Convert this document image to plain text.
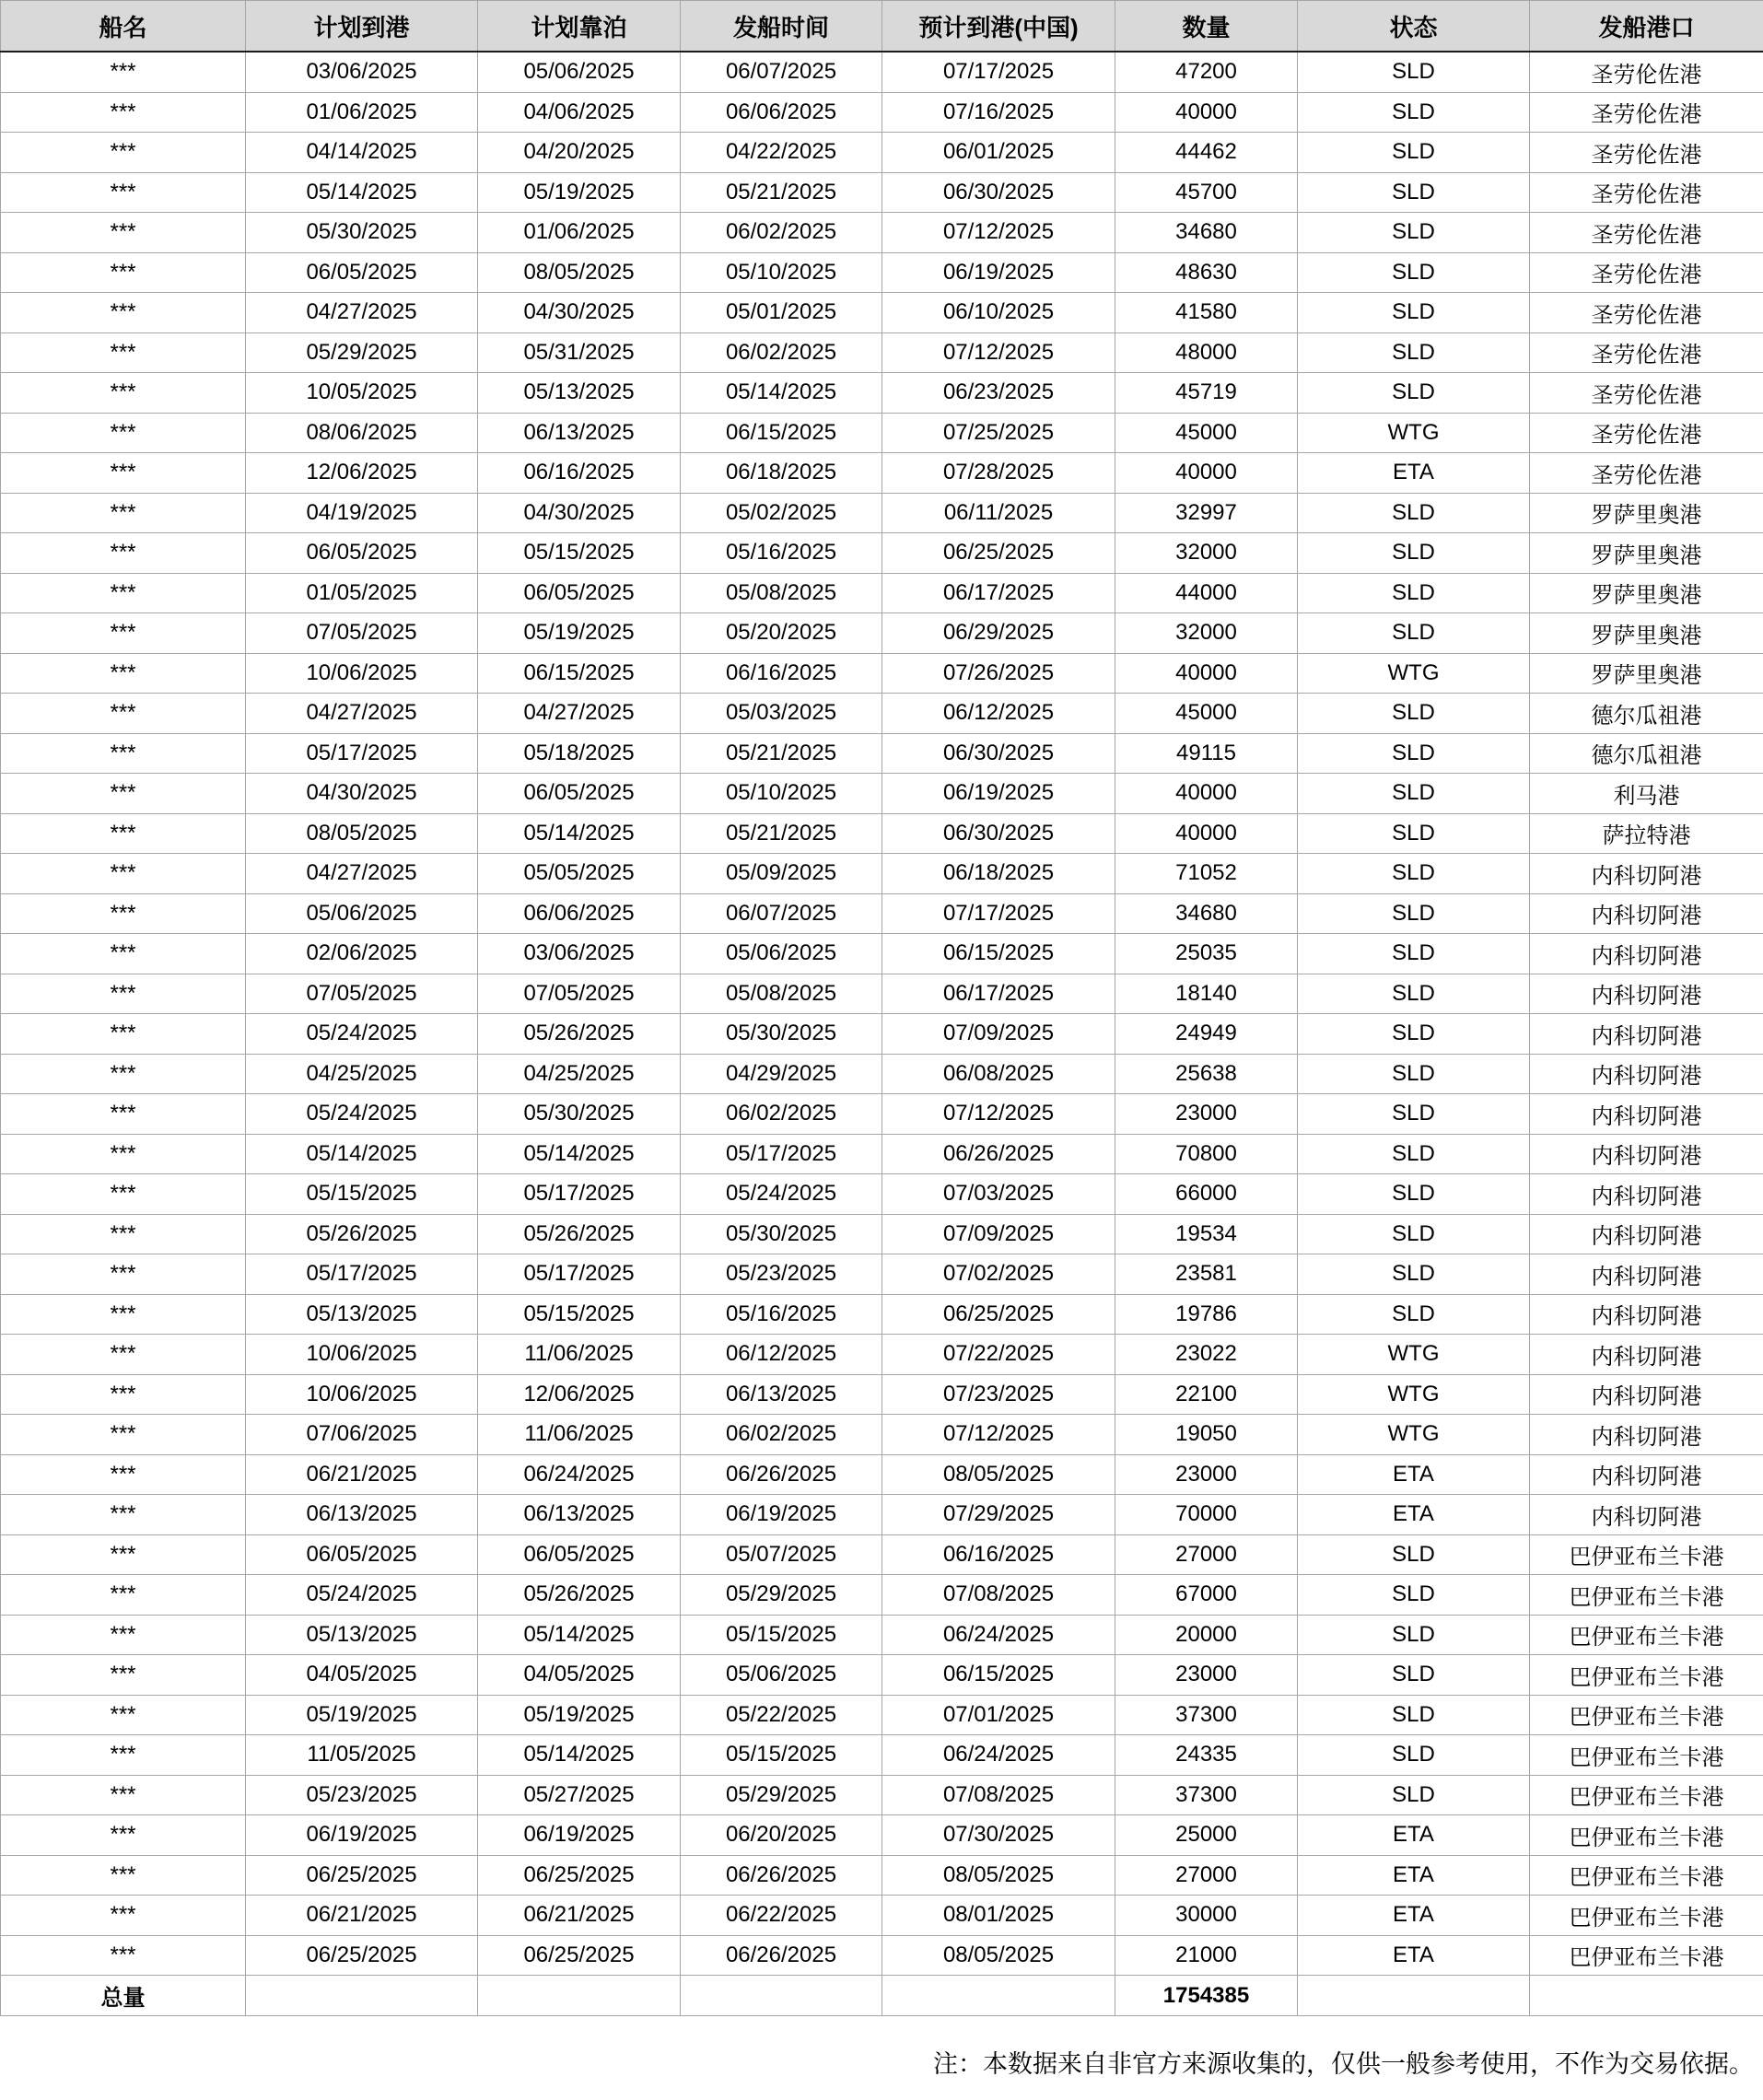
船名	计划到港	计划靠泊	发船时间	预计到港(中国)	数量	状态	发船港口
***	03/06/2025	05/06/2025	06/07/2025	07/17/2025	47200	SLD	圣劳伦佐港
***	01/06/2025	04/06/2025	06/06/2025	07/16/2025	40000	SLD	圣劳伦佐港
***	04/14/2025	04/20/2025	04/22/2025	06/01/2025	44462	SLD	圣劳伦佐港
***	05/14/2025	05/19/2025	05/21/2025	06/30/2025	45700	SLD	圣劳伦佐港
***	05/30/2025	01/06/2025	06/02/2025	07/12/2025	34680	SLD	圣劳伦佐港
***	06/05/2025	08/05/2025	05/10/2025	06/19/2025	48630	SLD	圣劳伦佐港
***	04/27/2025	04/30/2025	05/01/2025	06/10/2025	41580	SLD	圣劳伦佐港
***	05/29/2025	05/31/2025	06/02/2025	07/12/2025	48000	SLD	圣劳伦佐港
***	10/05/2025	05/13/2025	05/14/2025	06/23/2025	45719	SLD	圣劳伦佐港
***	08/06/2025	06/13/2025	06/15/2025	07/25/2025	45000	WTG	圣劳伦佐港
***	12/06/2025	06/16/2025	06/18/2025	07/28/2025	40000	ETA	圣劳伦佐港
***	04/19/2025	04/30/2025	05/02/2025	06/11/2025	32997	SLD	罗萨里奥港
***	06/05/2025	05/15/2025	05/16/2025	06/25/2025	32000	SLD	罗萨里奥港
***	01/05/2025	06/05/2025	05/08/2025	06/17/2025	44000	SLD	罗萨里奥港
***	07/05/2025	05/19/2025	05/20/2025	06/29/2025	32000	SLD	罗萨里奥港
***	10/06/2025	06/15/2025	06/16/2025	07/26/2025	40000	WTG	罗萨里奥港
***	04/27/2025	04/27/2025	05/03/2025	06/12/2025	45000	SLD	德尔瓜祖港
***	05/17/2025	05/18/2025	05/21/2025	06/30/2025	49115	SLD	德尔瓜祖港
***	04/30/2025	06/05/2025	05/10/2025	06/19/2025	40000	SLD	利马港
***	08/05/2025	05/14/2025	05/21/2025	06/30/2025	40000	SLD	萨拉特港
***	04/27/2025	05/05/2025	05/09/2025	06/18/2025	71052	SLD	内科切阿港
***	05/06/2025	06/06/2025	06/07/2025	07/17/2025	34680	SLD	内科切阿港
***	02/06/2025	03/06/2025	05/06/2025	06/15/2025	25035	SLD	内科切阿港
***	07/05/2025	07/05/2025	05/08/2025	06/17/2025	18140	SLD	内科切阿港
***	05/24/2025	05/26/2025	05/30/2025	07/09/2025	24949	SLD	内科切阿港
***	04/25/2025	04/25/2025	04/29/2025	06/08/2025	25638	SLD	内科切阿港
***	05/24/2025	05/30/2025	06/02/2025	07/12/2025	23000	SLD	内科切阿港
***	05/14/2025	05/14/2025	05/17/2025	06/26/2025	70800	SLD	内科切阿港
***	05/15/2025	05/17/2025	05/24/2025	07/03/2025	66000	SLD	内科切阿港
***	05/26/2025	05/26/2025	05/30/2025	07/09/2025	19534	SLD	内科切阿港
***	05/17/2025	05/17/2025	05/23/2025	07/02/2025	23581	SLD	内科切阿港
***	05/13/2025	05/15/2025	05/16/2025	06/25/2025	19786	SLD	内科切阿港
***	10/06/2025	11/06/2025	06/12/2025	07/22/2025	23022	WTG	内科切阿港
***	10/06/2025	12/06/2025	06/13/2025	07/23/2025	22100	WTG	内科切阿港
***	07/06/2025	11/06/2025	06/02/2025	07/12/2025	19050	WTG	内科切阿港
***	06/21/2025	06/24/2025	06/26/2025	08/05/2025	23000	ETA	内科切阿港
***	06/13/2025	06/13/2025	06/19/2025	07/29/2025	70000	ETA	内科切阿港
***	06/05/2025	06/05/2025	05/07/2025	06/16/2025	27000	SLD	巴伊亚布兰卡港
***	05/24/2025	05/26/2025	05/29/2025	07/08/2025	67000	SLD	巴伊亚布兰卡港
***	05/13/2025	05/14/2025	05/15/2025	06/24/2025	20000	SLD	巴伊亚布兰卡港
***	04/05/2025	04/05/2025	05/06/2025	06/15/2025	23000	SLD	巴伊亚布兰卡港
***	05/19/2025	05/19/2025	05/22/2025	07/01/2025	37300	SLD	巴伊亚布兰卡港
***	11/05/2025	05/14/2025	05/15/2025	06/24/2025	24335	SLD	巴伊亚布兰卡港
***	05/23/2025	05/27/2025	05/29/2025	07/08/2025	37300	SLD	巴伊亚布兰卡港
***	06/19/2025	06/19/2025	06/20/2025	07/30/2025	25000	ETA	巴伊亚布兰卡港
***	06/25/2025	06/25/2025	06/26/2025	08/05/2025	27000	ETA	巴伊亚布兰卡港
***	06/21/2025	06/21/2025	06/22/2025	08/01/2025	30000	ETA	巴伊亚布兰卡港
***	06/25/2025	06/25/2025	06/26/2025	08/05/2025	21000	ETA	巴伊亚布兰卡港
总量					1754385		
注：本数据来自非官方来源收集的，仅供一般参考使用，不作为交易依据。
